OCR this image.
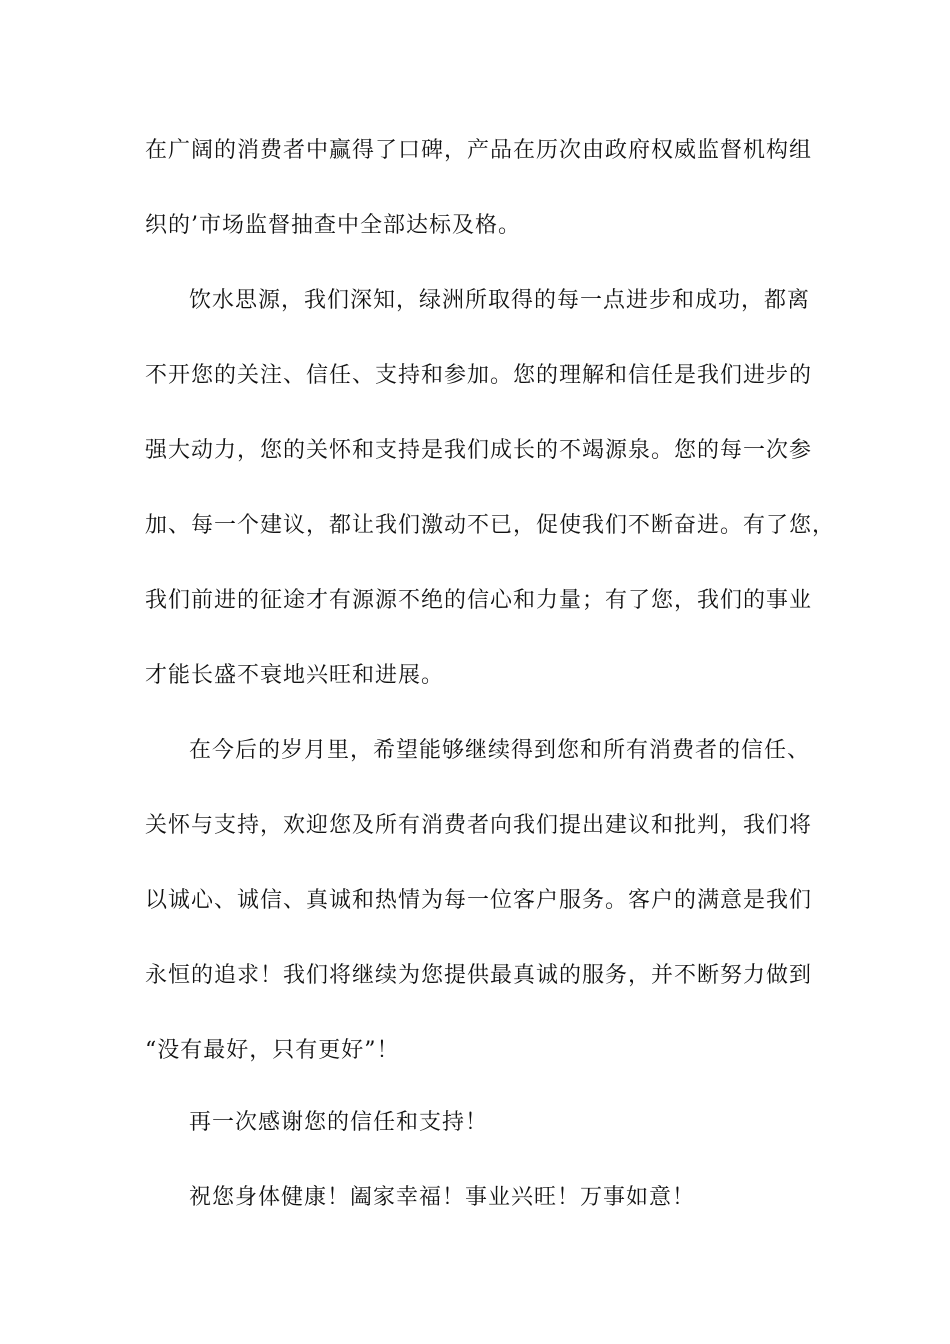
在广阔的消费者中赢得了口碑，产品在历次由政府权威监督机构组
织的’市场监督抽查中全部达标及格。
饮水思源，我们深知，绿洲所取得的每一点进步和成功，都离
不开您的关注、信任、支持和参加。您的理解和信任是我们进步的
强大动力，您的关怀和支持是我们成长的不竭源泉。您的每一次参
加、每一个建议，都让我们激动不已，促使我们不断奋进。有了您，
我们前进的征途才有源源不绝的信心和力量；有了您，我们的事业
才能长盛不衰地兴旺和进展。
在今后的岁月里，希望能够继续得到您和所有消费者的信任、
关怀与支持，欢迎您及所有消费者向我们提出建议和批判，我们将
以诚心、诚信、真诚和热情为每一位客户服务。客户的满意是我们
永恒的追求！我们将继续为您提供最真诚的服务，并不断努力做到
“没有最好，只有更好”！
再一次感谢您的信任和支持！
祝您身体健康！阖家幸福！事业兴旺！万事如意！
